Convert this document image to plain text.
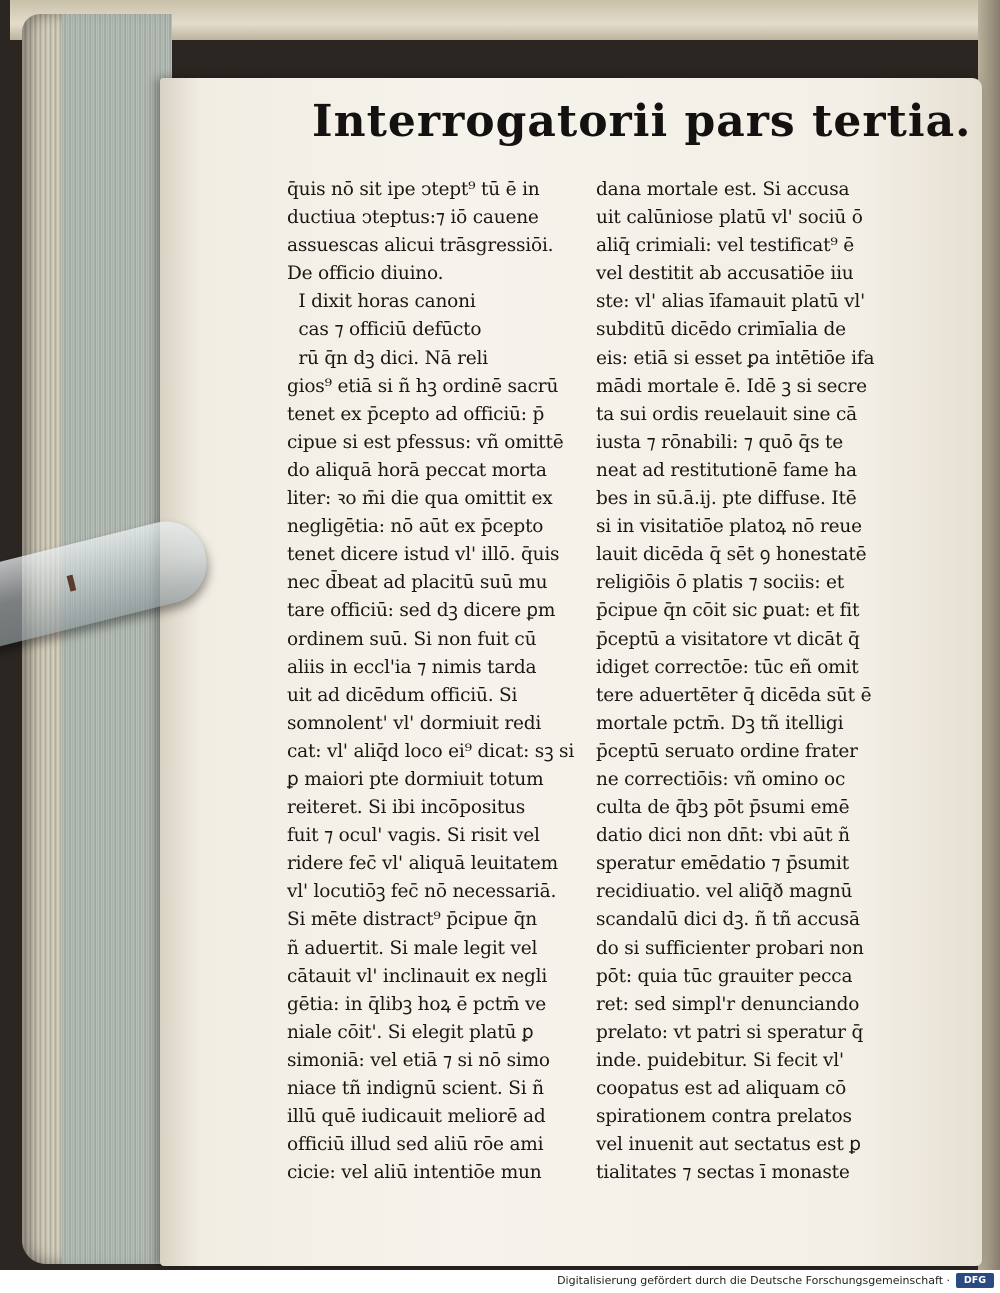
Interrogatorii pars tertia.
q̄uis nō sit ipe ↄtept⁹ tū ē in
ductiua ↄteptus:⁊ iō cauene
assuescas alicui trāsgressiōi.
De officio diuino.
I dixit horas canoni
cas ⁊ officiū defūcto
rū q̄n dꝫ dici. Nā reli
gios⁹ etiā si ñ hꝫ ordinē sacrū
tenet ex p̄cepto ad officiū: p̄
cipue si est pfessus: vñ omittē
do aliquā horā peccat morta
liter: ꝛo m̄i die qua omittit ex
negligētia: nō aūt ex p̄cepto
tenet dicere istud vl' illō. q̄uis
nec d̄beat ad placitū suū mu
tare officiū: sed dꝫ dicere ꝑm
ordinem suū. Si non fuit cū
aliis in eccl'ia ⁊ nimis tarda
uit ad dicēdum officiū. Si
somnolent' vl' dormiuit redi
cat: vl' aliq̄d loco ei⁹ dicat: sꝫ si
ꝑ maiori pte dormiuit totum
reiteret. Si ibi incōpositus
fuit ⁊ ocul' vagis. Si risit vel
ridere fec̄ vl' aliquā leuitatem
vl' locutiōꝫ fec̄ nō necessariā.
Si mēte distract⁹ p̄cipue q̄n
ñ aduertit. Si male legit vel
cātauit vl' inclinauit ex negli
gētia: in q̄libꝫ hoꝝ ē pctm̄ ve
niale cōit'. Si elegit platū ꝑ
simoniā: vel etiā ⁊ si nō simo
niace tñ indignū scient. Si ñ
illū quē iudicauit meliorē ad
officiū illud sed aliū rōe ami
cicie: vel aliū intentiōe mun
dana mortale est. Si accusa
uit calūniose platū vl' sociū ō
aliq̄ crimiali: vel testificat⁹ ē
vel destitit ab accusatiōe iiu
ste: vl' alias īfamauit platū vl'
subditū dicēdo crimīalia de
eis: etiā si esset ꝑa intētiōe ifa
mādi mortale ē. Idē ꝫ si secre
ta sui ordis reuelauit sine cā
iusta ⁊ rōnabili: ⁊ quō q̄s te
neat ad restitutionē fame ha
bes in sū.ā.ij. pte diffuse. Itē
si in visitatiōe platoꝝ nō reue
lauit dicēda q̄ sēt ꝯ honestatē
religiōis ō platis ⁊ sociis: et
p̄cipue q̄n cōit sic ꝑuat: et fit
p̄ceptū a visitatore vt dicāt q̄
idiget correctōe: tūc eñ omit
tere aduertēter q̄ dicēda sūt ē
mortale pctm̄. Dꝫ tñ itelligi
p̄ceptū seruato ordine frater
ne correctiōis: vñ omino oc
culta de q̄bꝫ pōt p̄sumi emē
datio dici non dn̄t: vbi aūt ñ
speratur emēdatio ⁊ p̄sumit
recidiuatio. vel aliq̄ð magnū
scandalū dici dꝫ. ñ tñ accusā
do si sufficienter probari non
pōt: quia tūc grauiter pecca
ret: sed simpl'r denunciando
prelato: vt patri si speratur q̄
inde. puidebitur. Si fecit vl'
coopatus est ad aliquam cō
spirationem contra prelatos
vel inuenit aut sectatus est ꝑ
tialitates ⁊ sectas ī monaste
Digitalisierung gefördert durch die Deutsche Forschungsgemeinschaft ·	DFG
